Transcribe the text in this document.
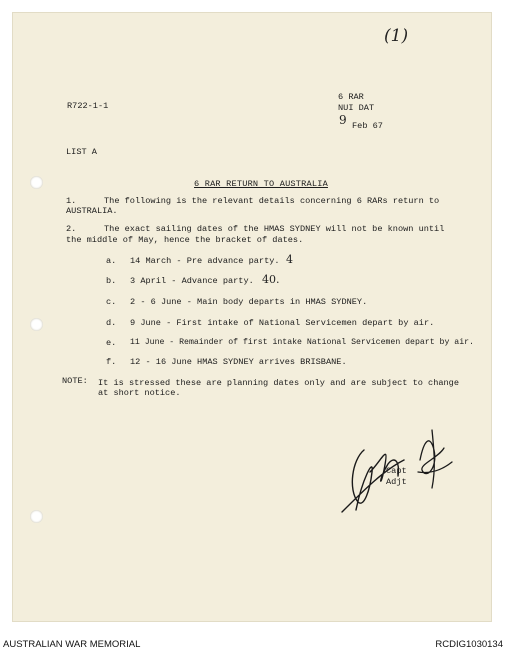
(1)
R722-1-1
6 RAR
NUI DAT
9 Feb 67
LIST A
6 RAR RETURN TO AUSTRALIA
1.	The following is the relevant details concerning 6 RARs return to
AUSTRALIA.
2.	The exact sailing dates of the HMAS SYDNEY will not be known until
the middle of May, hence the bracket of dates.
a. 14 March - Pre advance party. 4
b. 3 April - Advance party. 40.
c. 2 - 6 June - Main body departs in HMAS SYDNEY.
d. 9 June - First intake of National Servicemen depart by air.
e. 11 June - Remainder of first intake National Servicemen depart by air.
f. 12 - 16 June HMAS SYDNEY arrives BRISBANE.
NOTE: It is stressed these are planning dates only and are subject to change
at short notice.
Capt
Adjt
AUSTRALIAN WAR MEMORIAL	RCDIG1030134
